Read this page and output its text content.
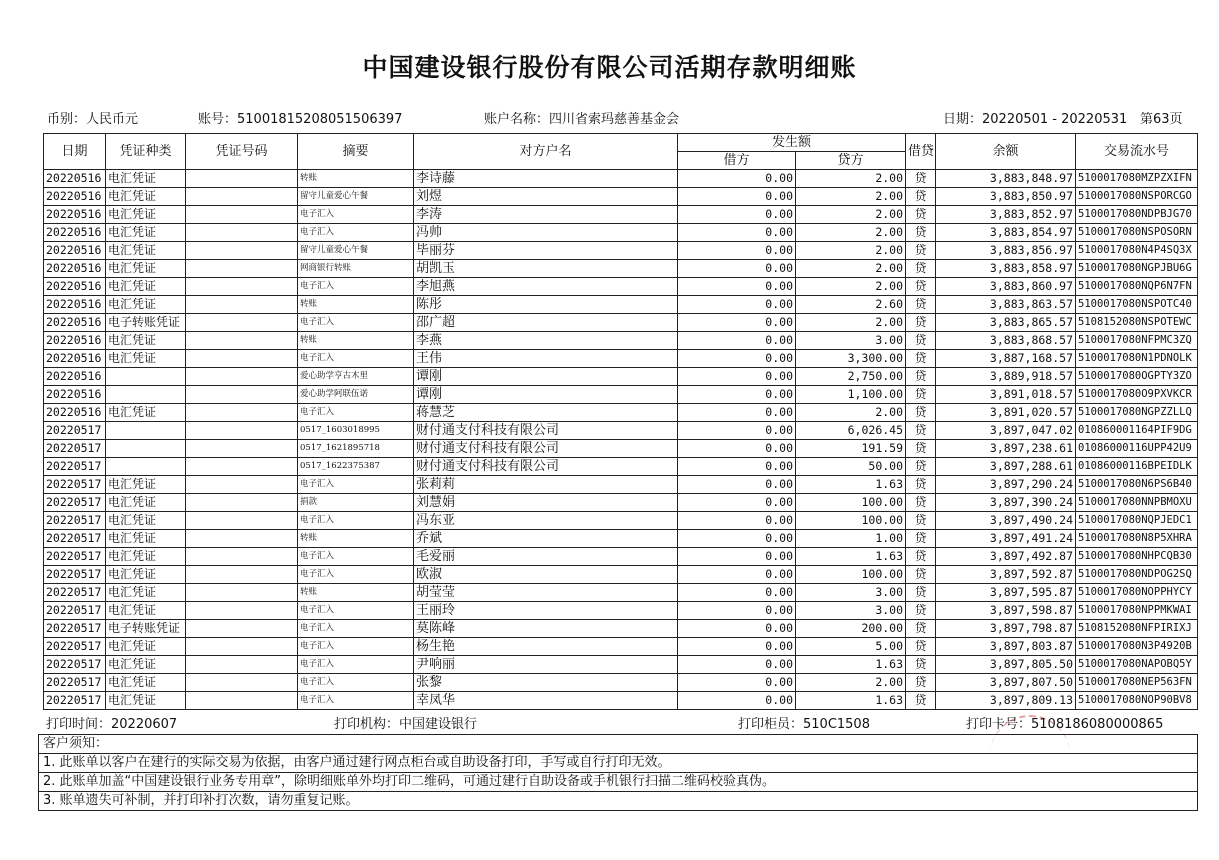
中国建设银行股份有限公司活期存款明细账
币别：人民币元	账号：51001815208051506397	账户名称：四川省索玛慈善基金会	日期：20220501 - 20220531 第63页
日期	凭证种类	凭证号码	摘要	对方户名	发生额		借贷	余额	交易流水号
					借方	贷方			
20220516	电汇凭证		转账	李诗藤	0.00	2.00	贷	3,883,848.97	5100017080MZPZXIFN
20220516	电汇凭证		留守儿童爱心午餐	刘煜	0.00	2.00	贷	3,883,850.97	5100017080NSPORCGO
20220516	电汇凭证		电子汇入	李涛	0.00	2.00	贷	3,883,852.97	5100017080NDPBJG70
20220516	电汇凭证		电子汇入	冯帅	0.00	2.00	贷	3,883,854.97	5100017080NSPOSORN
20220516	电汇凭证		留守儿童爱心午餐	毕丽芬	0.00	2.00	贷	3,883,856.97	5100017080N4P4SQ3X
20220516	电汇凭证		网商银行转账	胡凯玉	0.00	2.00	贷	3,883,858.97	5100017080NGPJBU6G
20220516	电汇凭证		电子汇入	李旭燕	0.00	2.00	贷	3,883,860.97	5100017080NQP6N7FN
20220516	电汇凭证		转账	陈彤	0.00	2.60	贷	3,883,863.57	5100017080NSPOTC40
20220516	电子转账凭证		电子汇入	邵广超	0.00	2.00	贷	3,883,865.57	5108152080NSPOTEWC
20220516	电汇凭证		转账	李燕	0.00	3.00	贷	3,883,868.57	5100017080NFPMC3ZQ
20220516	电汇凭证		电子汇入	王伟	0.00	3,300.00	贷	3,887,168.57	5100017080N1PDNOLK
20220516			爱心助学亨古木里	谭刚	0.00	2,750.00	贷	3,889,918.57	5100017080OGPTY3ZO
20220516			爱心助学阿联伍诺	谭刚	0.00	1,100.00	贷	3,891,018.57	5100017080O9PXVKCR
20220516	电汇凭证		电子汇入	蒋慧芝	0.00	2.00	贷	3,891,020.57	5100017080NGPZZLLQ
20220517			0517_1603018995	财付通支付科技有限公司	0.00	6,026.45	贷	3,897,047.02	010860001164PIF9DG
20220517			0517_1621895718	财付通支付科技有限公司	0.00	191.59	贷	3,897,238.61	01086000116UPP42U9
20220517			0517_1622375387	财付通支付科技有限公司	0.00	50.00	贷	3,897,288.61	01086000116BPEIDLK
20220517	电汇凭证		电子汇入	张莉莉	0.00	1.63	贷	3,897,290.24	5100017080N6PS6B40
20220517	电汇凭证		捐款	刘慧娟	0.00	100.00	贷	3,897,390.24	5100017080NNPBMOXU
20220517	电汇凭证		电子汇入	冯东亚	0.00	100.00	贷	3,897,490.24	5100017080NQPJEDC1
20220517	电汇凭证		转账	乔斌	0.00	1.00	贷	3,897,491.24	5100017080N8P5XHRA
20220517	电汇凭证		电子汇入	毛爱丽	0.00	1.63	贷	3,897,492.87	5100017080NHPCQB30
20220517	电汇凭证		电子汇入	欧淑	0.00	100.00	贷	3,897,592.87	5100017080NDPOG2SQ
20220517	电汇凭证		转账	胡莹莹	0.00	3.00	贷	3,897,595.87	5100017080NOPPHYCY
20220517	电汇凭证		电子汇入	王丽玲	0.00	3.00	贷	3,897,598.87	5100017080NPPMKWAI
20220517	电子转账凭证		电子汇入	莫陈峰	0.00	200.00	贷	3,897,798.87	5108152080NFPIRIXJ
20220517	电汇凭证		电子汇入	杨生艳	0.00	5.00	贷	3,897,803.87	5100017080N3P4920B
20220517	电汇凭证		电子汇入	尹响丽	0.00	1.63	贷	3,897,805.50	5100017080NAPOBQ5Y
20220517	电汇凭证		电子汇入	张黎	0.00	2.00	贷	3,897,807.50	5100017080NEP563FN
20220517	电汇凭证		电子汇入	幸凤华	0.00	1.63	贷	3,897,809.13	5100017080NOP90BV8
打印时间：20220607	打印机构：中国建设银行	打印柜员：510C1508	打印卡号：5108186080000865
客户须知：
1. 此账单以客户在建行的实际交易为依据，由客户通过建行网点柜台或自助设备打印，手写或自行打印无效。
2. 此账单加盖“中国建设银行业务专用章”，除明细账单外均打印二维码，可通过建行自助设备或手机银行扫描二维码校验真伪。
3. 账单遗失可补制，并打印补打次数，请勿重复记账。
